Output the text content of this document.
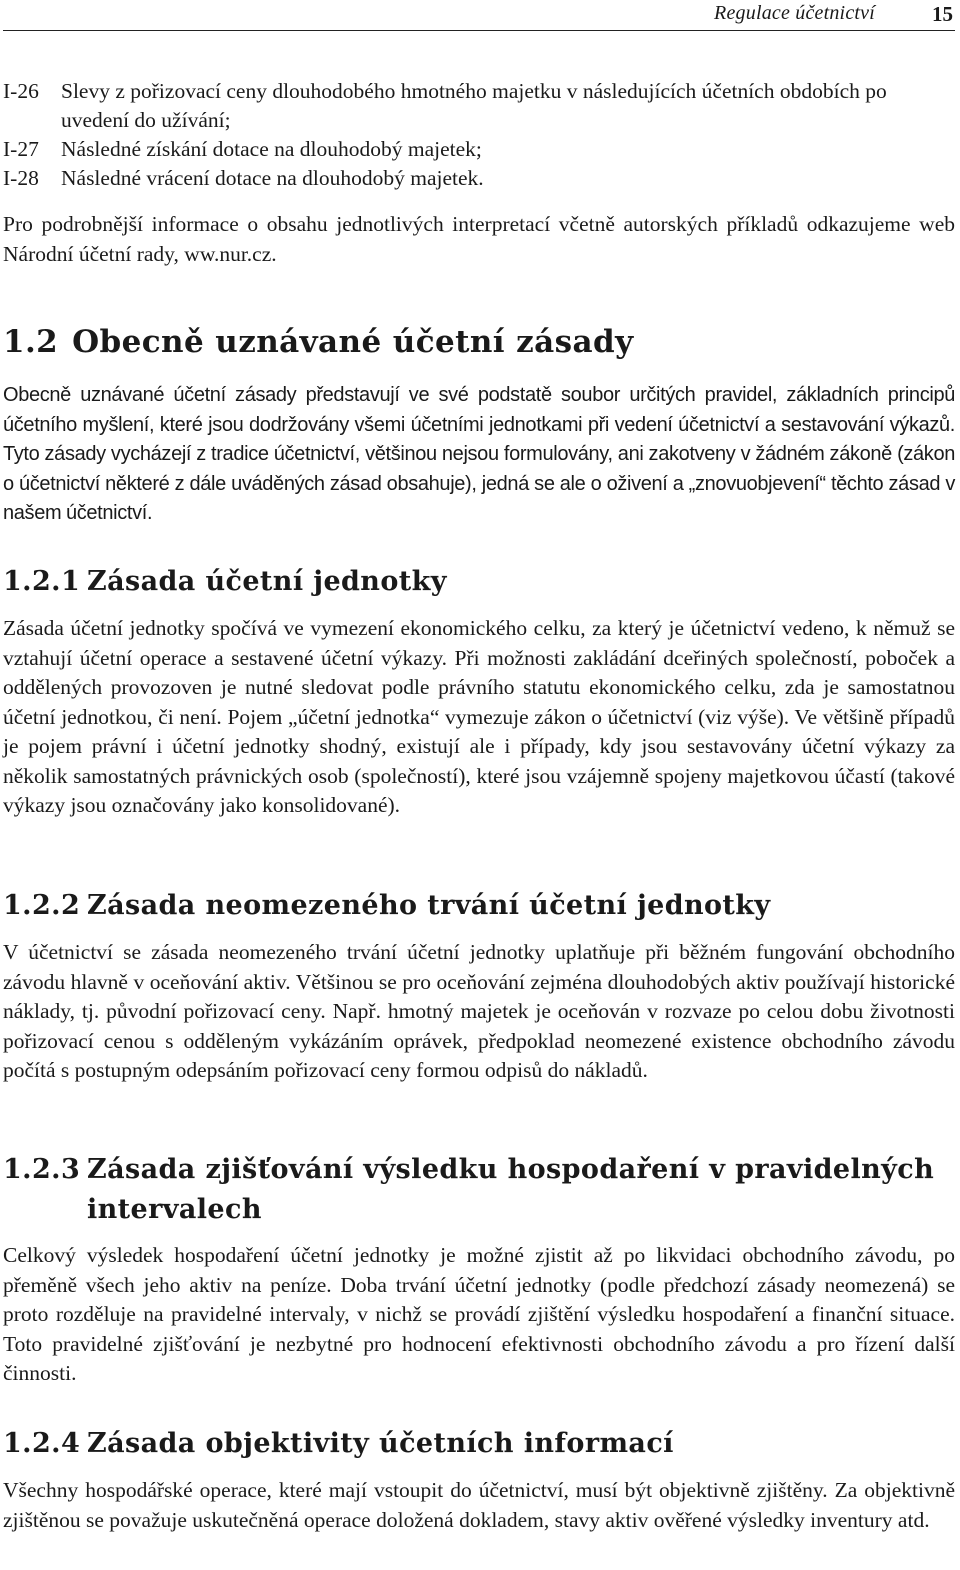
Regulace účetnictví	15
I-26 Slevy z pořizovací ceny dlouhodobého hmotného majetku v následujících účetních obdobích po uvedení do užívání;
I-27 Následné získání dotace na dlouhodobý majetek;
I-28 Následné vrácení dotace na dlouhodobý majetek.

Pro podrobnější informace o obsahu jednotlivých interpretací včetně autorských příkladů odkazujeme web Národní účetní rady, ww.nur.cz.

1.2 Obecně uznávané účetní zásady

Obecně uznávané účetní zásady představují ve své podstatě soubor určitých pravidel, základních principů účetního myšlení, které jsou dodržovány všemi účetními jednotkami při vedení účetnictví a sestavování výkazů. Tyto zásady vycházejí z tradice účetnictví, většinou nejsou formulovány, ani zakotveny v žádném zákoně (zákon o účetnictví některé z dále uváděných zásad obsahuje), jedná se ale o oživení a „znovuobjevení“ těchto zásad v našem účetnictví.

1.2.1 Zásada účetní jednotky

Zásada účetní jednotky spočívá ve vymezení ekonomického celku, za který je účetnictví vedeno, k němuž se vztahují účetní operace a sestavené účetní výkazy. Při možnosti zakládání dceřiných společností, poboček a oddělených provozoven je nutné sledovat podle právního statutu ekonomického celku, zda je samostatnou účetní jednotkou, či není. Pojem „účetní jednotka“ vymezuje zákon o účetnictví (viz výše). Ve většině případů je pojem právní i účetní jednotky shodný, existují ale i případy, kdy jsou sestavovány účetní výkazy za několik samostatných právnických osob (společností), které jsou vzájemně spojeny majetkovou účastí (takové výkazy jsou označovány jako konsolidované).

1.2.2 Zásada neomezeného trvání účetní jednotky

V účetnictví se zásada neomezeného trvání účetní jednotky uplatňuje při běžném fungování obchodního závodu hlavně v oceňování aktiv. Většinou se pro oceňování zejména dlouhodobých aktiv používají historické náklady, tj. původní pořizovací ceny. Např. hmotný majetek je oceňován v rozvaze po celou dobu životnosti pořizovací cenou s odděleným vykázáním oprávek, předpoklad neomezené existence obchodního závodu počítá s postupným odepsáním pořizovací ceny formou odpisů do nákladů.

1.2.3 Zásada zjišťování výsledku hospodaření v pravidelných intervalech

Celkový výsledek hospodaření účetní jednotky je možné zjistit až po likvidaci obchodního závodu, po přeměně všech jeho aktiv na peníze. Doba trvání účetní jednotky (podle předchozí zásady neomezená) se proto rozděluje na pravidelné intervaly, v nichž se provádí zjištění výsledku hospodaření a finanční situace. Toto pravidelné zjišťování je nezbytné pro hodnocení efektivnosti obchodního závodu a pro řízení další činnosti.

1.2.4 Zásada objektivity účetních informací

Všechny hospodářské operace, které mají vstoupit do účetnictví, musí být objektivně zjištěny. Za objektivně zjištěnou se považuje uskutečněná operace doložená dokladem, stavy aktiv ověřené výsledky inventury atd.
